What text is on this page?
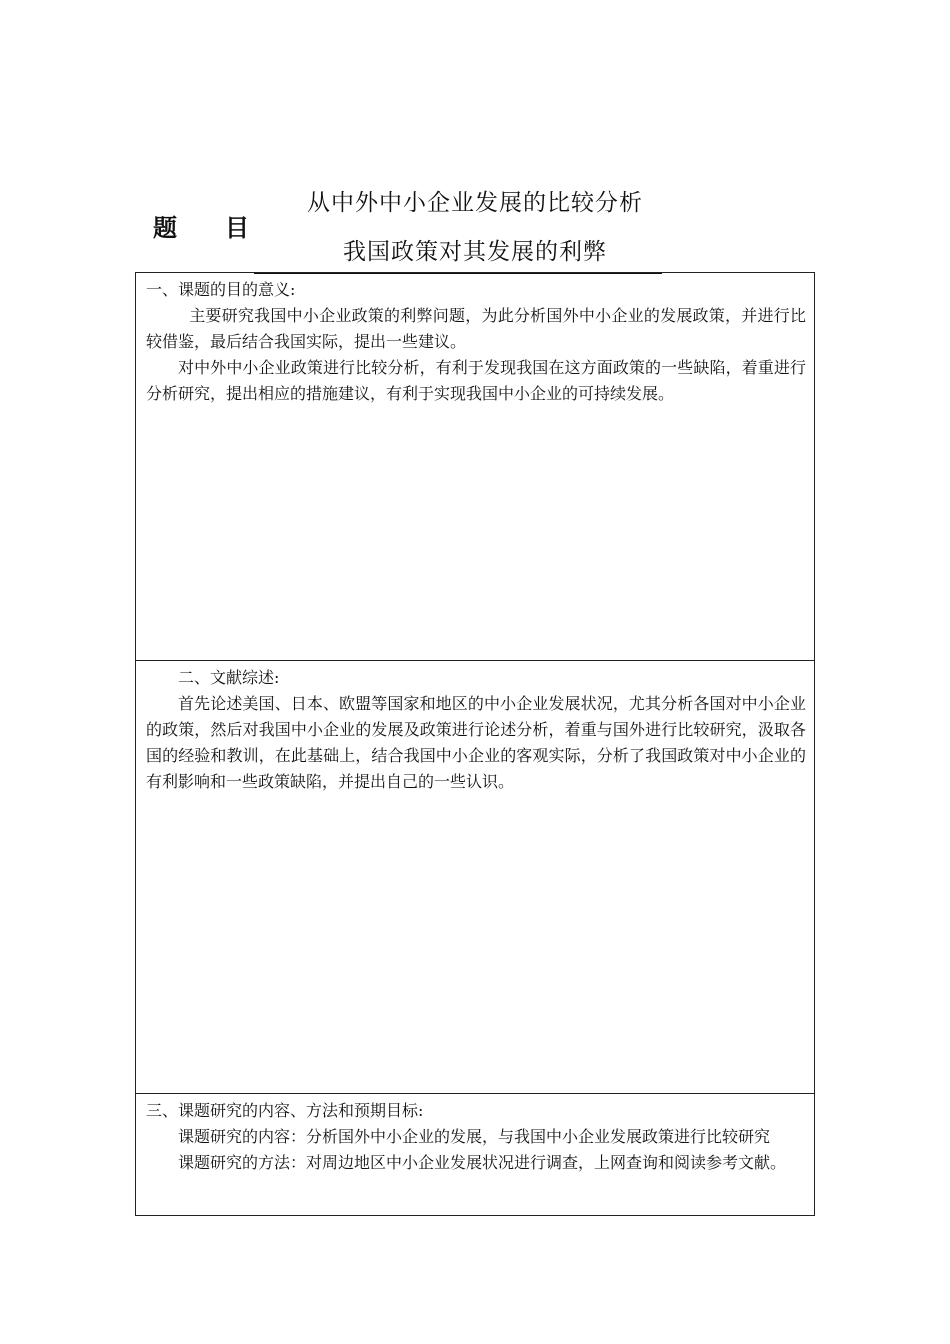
题 目
从中外中小企业发展的比较分析
我国政策对其发展的利弊

一、课题的目的意义:

主要研究我国中小企业政策的利弊问题，为此分析国外中小企业的发展政策，并进行比较借鉴，最后结合我国实际，提出一些建议。

对中外中小企业政策进行比较分析，有利于发现我国在这方面政策的一些缺陷，着重进行分析研究，提出相应的措施建议，有利于实现我国中小企业的可持续发展。

二、文献综述:

首先论述美国、日本、欧盟等国家和地区的中小企业发展状况，尤其分析各国对中小企业的政策，然后对我国中小企业的发展及政策进行论述分析，着重与国外进行比较研究，汲取各国的经验和教训，在此基础上，结合我国中小企业的客观实际，分析了我国政策对中小企业的有利影响和一些政策缺陷，并提出自己的一些认识。

三、课题研究的内容、方法和预期目标:

课题研究的内容：分析国外中小企业的发展，与我国中小企业发展政策进行比较研究

课题研究的方法：对周边地区中小企业发展状况进行调查，上网查询和阅读参考文献。
